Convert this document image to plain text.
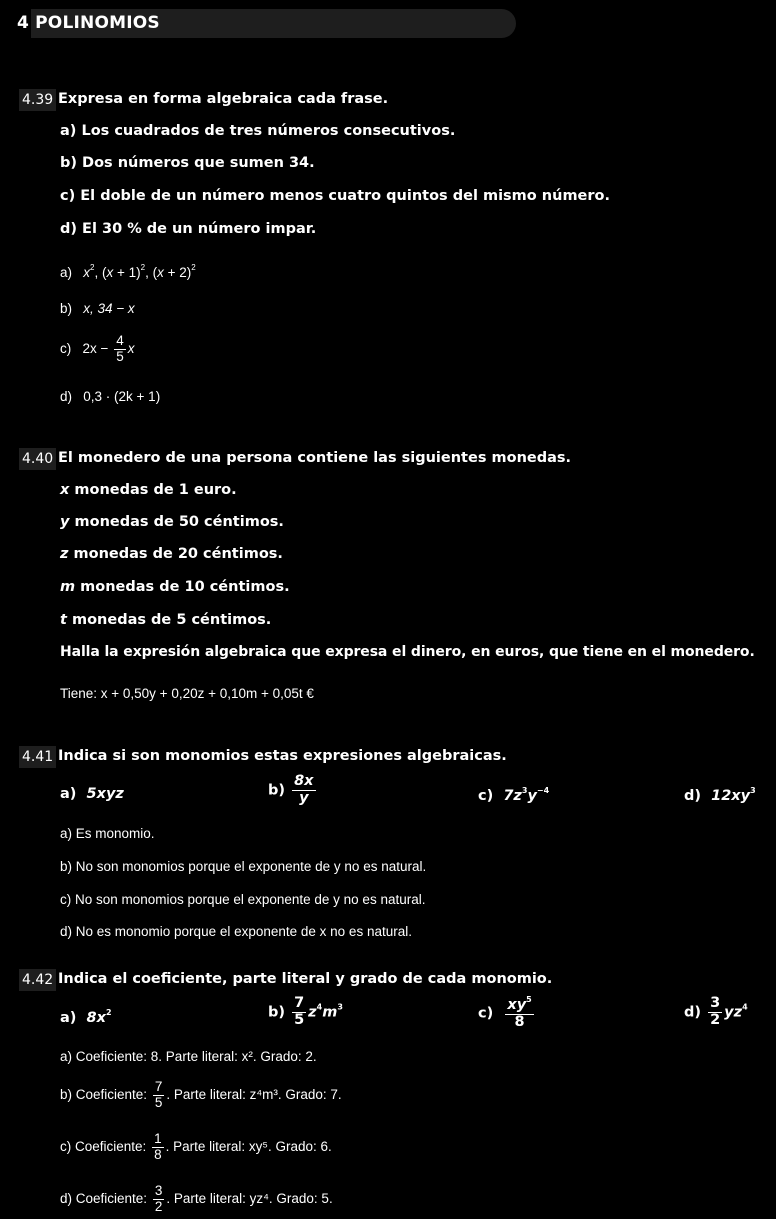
4 POLINOMIOS
4.39 Expresa en forma algebraica cada frase.
a) Los cuadrados de tres números consecutivos.
b) Dos números que sumen 34.
c) El doble de un número menos cuatro quintos del mismo número.
d) El 30 % de un número impar.
a) $x^2$, $(x + 1)^2$, $(x + 2)^2$
b) x, 34 − x
c) $2x - \frac{4}{5}$ x
d) 0,3 · (2k + 1)
4.40 El monedero de una persona contiene las siguientes monedas.
x monedas de 1 euro.
y monedas de 50 céntimos.
z monedas de 20 céntimos.
m monedas de 10 céntimos.
t monedas de 5 céntimos.
Halla la expresión algebraica que expresa el dinero, en euros, que tiene en el monedero.
Tiene: x + 0,50y + 0,20z + 0,10m + 0,05t €
4.41 Indica si son monomios estas expresiones algebraicas.
a) 5xyz	$b) \frac{8x}{y}$	c) $7z^3y^{-4}$	d) $12xy^3$
a) Es monomio.
b) No son monomios porque el exponente de y no es natural.
c) No son monomios porque el exponente de y no es natural.
d) No es monomio porque el exponente de x no es natural.
4.42 Indica el coeficiente, parte literal y grado de cada monomio.
a) $8x^2$	$b) \frac{7}{5} z^4m^3$	$c) \frac{xy^5}{8}$	$d) \frac{3}{2} yz^4$
a) Coeficiente: 8. Parte literal: x². Grado: 2.
b) Coeficiente: $\frac{7}{5}$ . Parte literal: z⁴m³. Grado: 7.
c) Coeficiente: $\frac{1}{8}$ . Parte literal: xy⁵. Grado: 6.
d) Coeficiente: $\frac{3}{2}$ . Parte literal: yz⁴. Grado: 5.
